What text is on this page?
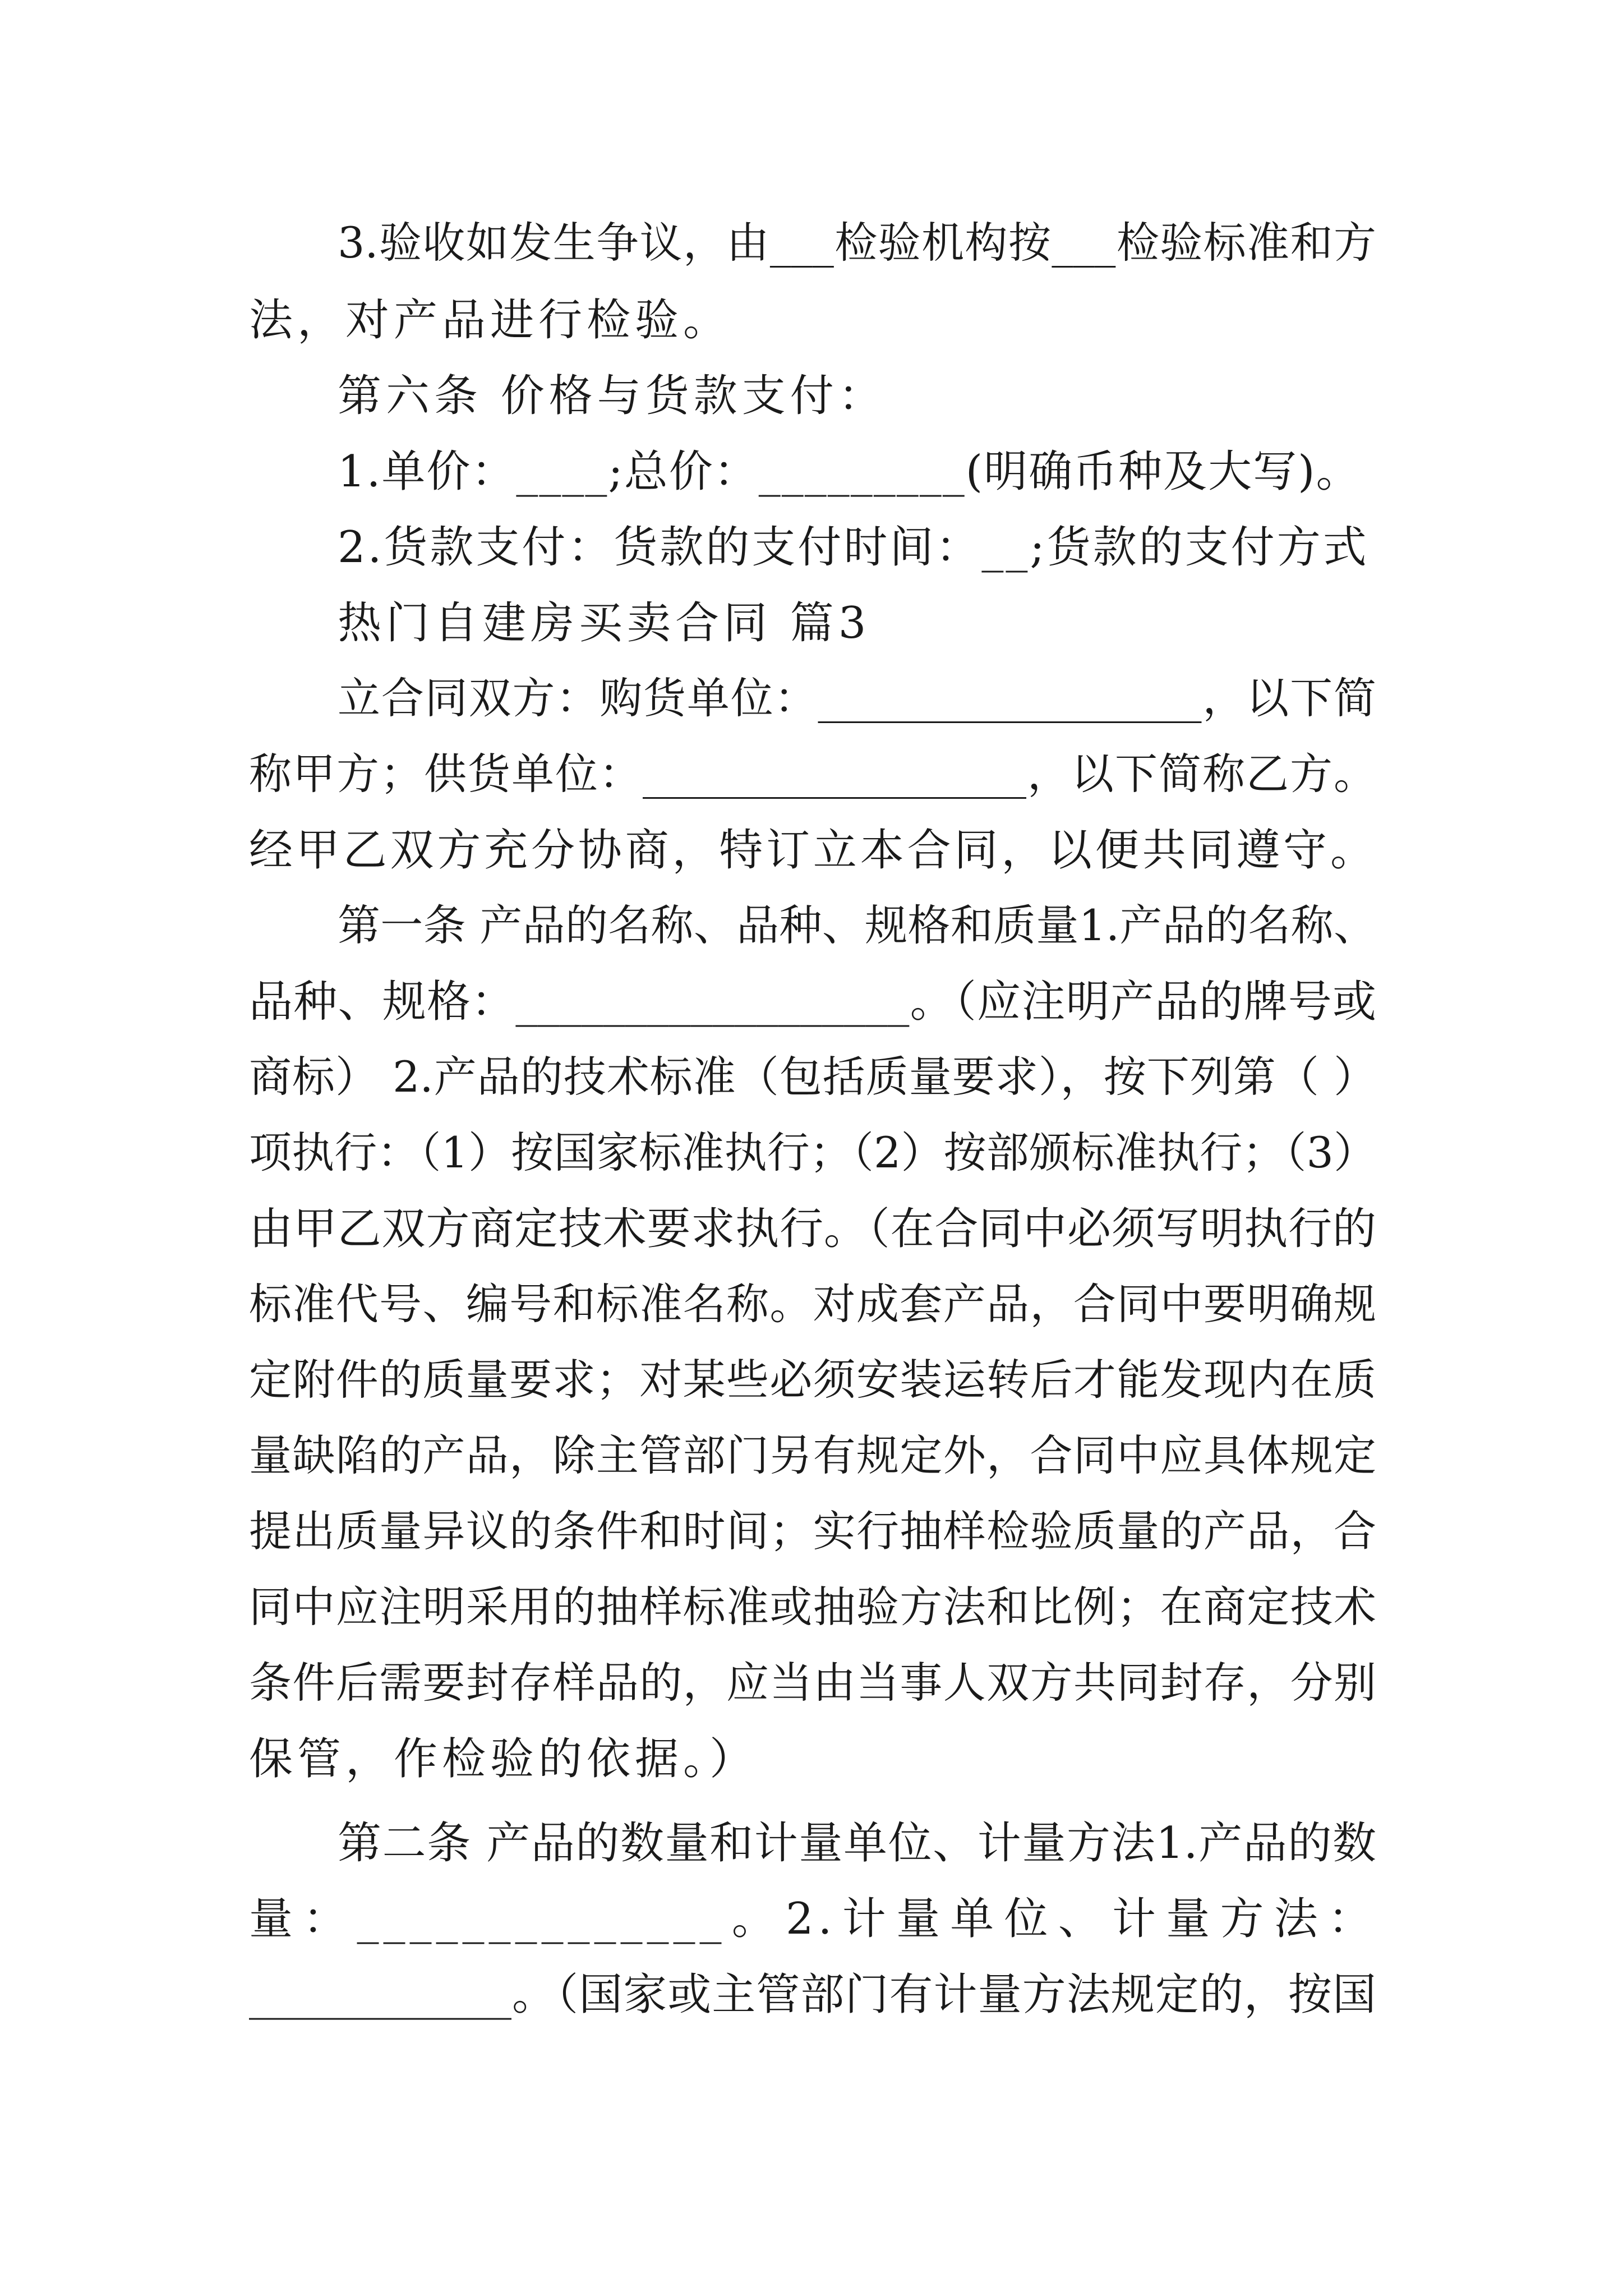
3.验收如发生争议，由___检验机构按___检验标准和方
法，对产品进行检验。
第六条 价格与货款支付：
1.单价：____;总价：_________(明确币种及大写)。
2.货款支付：货款的支付时间：__;货款的支付方式
热门自建房买卖合同 篇3
立合同双方：购货单位：__________________，以下简
称甲方；供货单位：__________________，以下简称乙方。
经甲乙双方充分协商，特订立本合同，以便共同遵守。
第一条 产品的名称、品种、规格和质量1.产品的名称、
品种、规格：__________________。（应注明产品的牌号或
商标） 2.产品的技术标准（包括质量要求），按下列第（ ）
项执行：（1）按国家标准执行；（2）按部颁标准执行；（3）
由甲乙双方商定技术要求执行。（在合同中必须写明执行的
标准代号、编号和标准名称。对成套产品，合同中要明确规
定附件的质量要求；对某些必须安装运转后才能发现内在质
量缺陷的产品，除主管部门另有规定外，合同中应具体规定
提出质量异议的条件和时间；实行抽样检验质量的产品，合
同中应注明采用的抽样标准或抽验方法和比例；在商定技术
条件后需要封存样品的，应当由当事人双方共同封存，分别
保管，作检验的依据。）
第二条 产品的数量和计量单位、计量方法1.产品的数
量：______________。2.计量单位、计量方法：
____________。（国家或主管部门有计量方法规定的，按国
